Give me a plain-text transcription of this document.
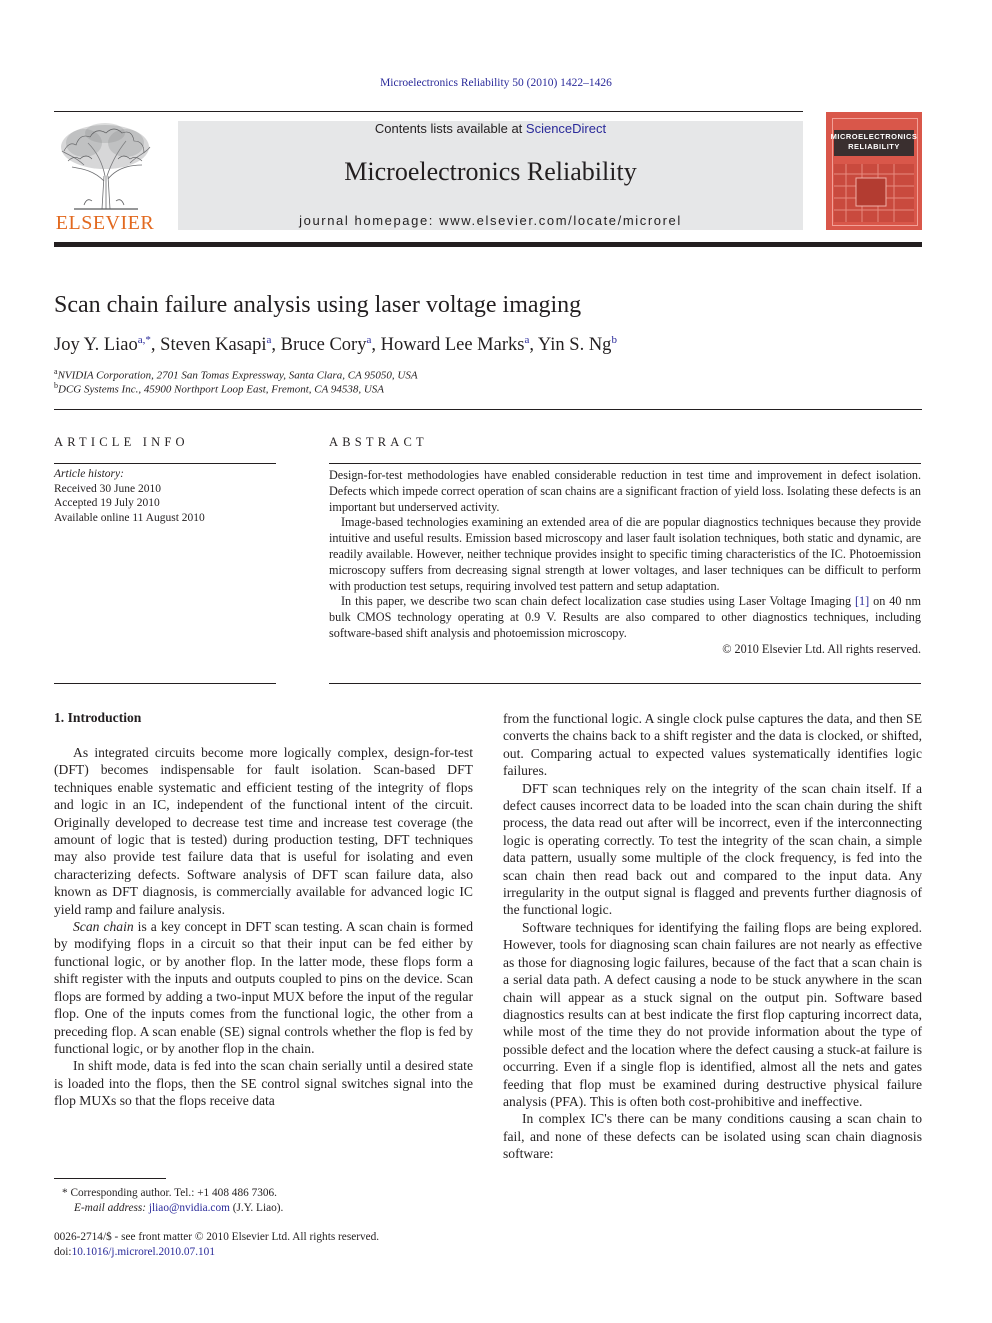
Microelectronics Reliability 50 (2010) 1422–1426
ELSEVIER
Contents lists available at ScienceDirect
Microelectronics Reliability
journal homepage: www.elsevier.com/locate/microrel
MICROELECTRONICS RELIABILITY
Scan chain failure analysis using laser voltage imaging
Joy Y. Liao$^{a,*}$, Steven Kasapi$^a$, Bruce Cory$^a$, Howard Lee Marks$^a$, Yin S. Ng$^b$
$^a$NVIDIA Corporation, 2701 San Tomas Expressway, Santa Clara, CA 95050, USA
$^b$DCG Systems Inc., 45900 Northport Loop East, Fremont, CA 94538, USA
ARTICLE INFO
Article history:
Received 30 June 2010
Accepted 19 July 2010
Available online 11 August 2010
ABSTRACT

Design-for-test methodologies have enabled considerable reduction in test time and improvement in defect isolation. Defects which impede correct operation of scan chains are a significant fraction of yield loss. Isolating these defects is an important but underserved activity.

Image-based technologies examining an extended area of die are popular diagnostics techniques because they provide intuitive and useful results. Emission based microscopy and laser fault isolation techniques, both static and dynamic, are readily available. However, neither technique provides insight to specific timing characteristics of the IC. Photoemission microscopy suffers from decreasing signal strength at lower voltages, and laser techniques can be difficult to perform with production test setups, requiring involved test pattern and setup adaptation.

In this paper, we describe two scan chain defect localization case studies using Laser Voltage Imaging [1] on 40 nm bulk CMOS technology operating at 0.9 V. Results are also compared to other diagnostics techniques, including software-based shift analysis and photoemission microscopy.

© 2010 Elsevier Ltd. All rights reserved.
1. Introduction

As integrated circuits become more logically complex, design-for-test (DFT) becomes indispensable for fault isolation. Scan-based DFT techniques enable systematic and efficient testing of the integrity of flops and logic in an IC, independent of the functional intent of the circuit. Originally developed to decrease test time and increase test coverage (the amount of logic that is tested) during production testing, DFT techniques may also provide test failure data that is useful for isolating and even characterizing defects. Software analysis of DFT scan failure data, also known as DFT diagnosis, is commercially available for advanced logic IC yield ramp and failure analysis.

Scan chain is a key concept in DFT scan testing. A scan chain is formed by modifying flops in a circuit so that their input can be fed either by functional logic, or by another flop. In the latter mode, these flops form a shift register with the inputs and outputs coupled to pins on the device. Scan flops are formed by adding a two-input MUX before the input of the regular flop. One of the inputs comes from the functional logic, the other from a preceding flop. A scan enable (SE) signal controls whether the flop is fed by functional logic, or by another flop in the chain.

In shift mode, data is fed into the scan chain serially until a desired state is loaded into the flops, then the SE control signal switches signal into the flop MUXs so that the flops receive data

from the functional logic. A single clock pulse captures the data, and then SE converts the chains back to a shift register and the data is clocked, or shifted, out. Comparing actual to expected values systematically identifies logic failures.

DFT scan techniques rely on the integrity of the scan chain itself. If a defect causes incorrect data to be loaded into the scan chain during the shift process, the data read out after will be incorrect, even if the interconnecting logic is operating correctly. To test the integrity of the scan chain, a simple data pattern, usually some multiple of the clock frequency, is fed into the scan chain then read back out and compared to the input data. Any irregularity in the output signal is flagged and prevents further diagnosis of the functional logic.

Software techniques for identifying the failing flops are being explored. However, tools for diagnosing scan chain failures are not nearly as effective as those for diagnosing logic failures, because of the fact that a scan chain is a serial data path. A defect causing a node to be stuck anywhere in the scan chain will appear as a stuck signal on the output pin. Software based diagnostics results can at best indicate the first flop capturing incorrect data, while most of the time they do not provide information about the type of possible defect and the location where the defect causing a stuck-at failure is occurring. Even if a single flop is identified, almost all the nets and gates feeding that flop must be examined during destructive physical failure analysis (PFA). This is often both cost-prohibitive and ineffective.

In complex IC's there can be many conditions causing a scan chain to fail, and none of these defects can be isolated using scan chain diagnosis software:

* Corresponding author. Tel.: +1 408 486 7306.
E-mail address: jliao@nvidia.com (J.Y. Liao).
0026-2714/$ - see front matter © 2010 Elsevier Ltd. All rights reserved.
doi:10.1016/j.microrel.2010.07.101
